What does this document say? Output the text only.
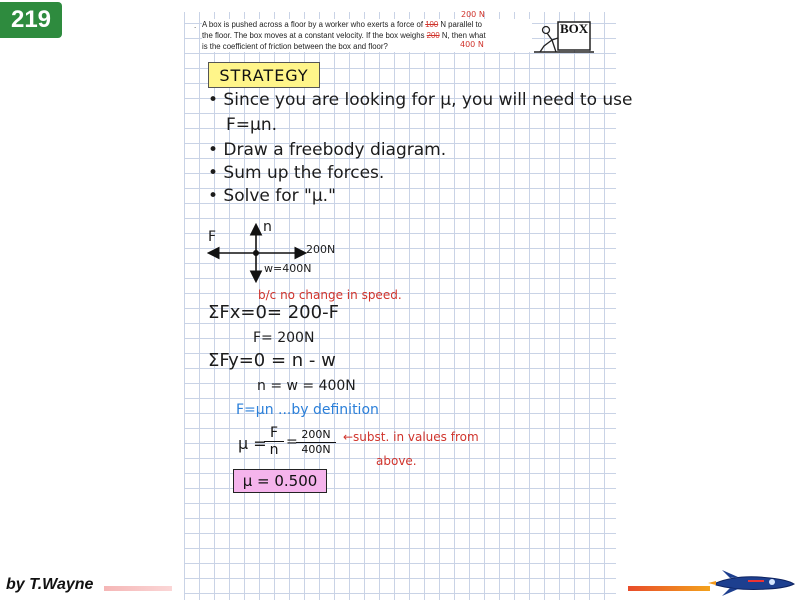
219	. A box is pushed across a floor by a worker who exerts a force of 100 N parallel to
the floor. The box moves at a constant velocity. If the box weighs 200 N, then what
is the coefficient of friction between the box and floor?
200 N
400 N
BOX
STRATEGY
• Since you are looking for μ, you will need to use
F=μn.
• Draw a freebody diagram.
• Sum up the forces.
• Solve for "μ."
n
F
200N
w=400N
b/c no change in speed.
ΣFx=0= 200-F
F= 200N
ΣFy=0 = n - w
n = w = 400N
F=μn ...by definition
μ =
$\frac{F}{n}$ =
$\frac{200N}{400N}$ ←subst. in values from
above.
μ = 0.500
by T.Wayne
